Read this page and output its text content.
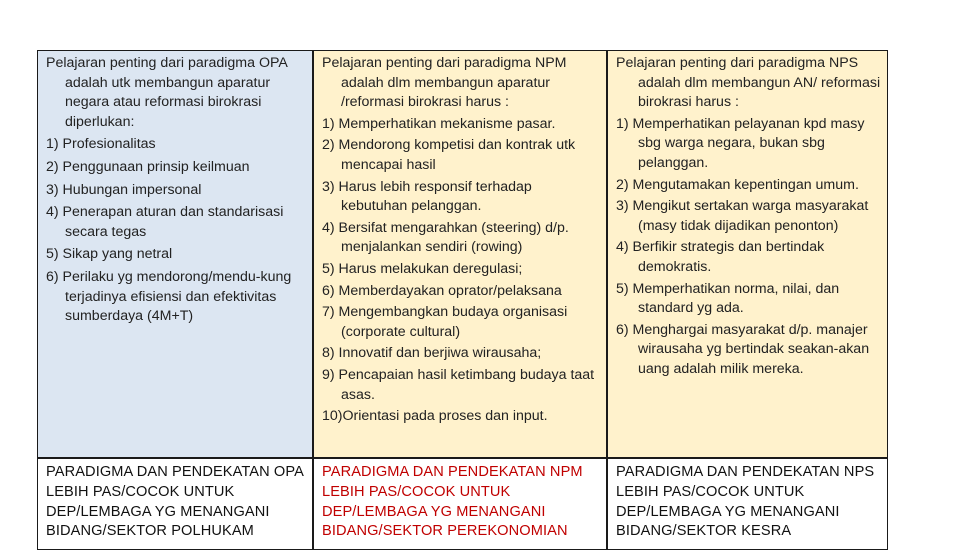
Pelajaran penting dari paradigma OPA adalah utk membangun aparatur negara atau reformasi birokrasi diperlukan:

1) Profesionalitas
2) Penggunaan prinsip keilmuan
3) Hubungan impersonal
4) Penerapan aturan dan standarisasi secara tegas
5) Sikap yang netral
6) Perilaku yg mendorong/mendu-kung terjadinya efisiensi dan efektivitas sumberdaya (4M+T)

Pelajaran penting dari paradigma NPM adalah dlm membangun aparatur /reformasi birokrasi harus :

1) Memperhatikan mekanisme pasar.
2) Mendorong kompetisi dan kontrak utk mencapai hasil
3) Harus lebih responsif terhadap kebutuhan pelanggan.
4) Bersifat mengarahkan (steering) d/p. menjalankan sendiri (rowing)
5) Harus melakukan deregulasi;
6) Memberdayakan oprator/pelaksana
7) Mengembangkan budaya organisasi (corporate cultural)
8) Innovatif dan berjiwa wirausaha;
9) Pencapaian hasil ketimbang budaya taat asas.
10)Orientasi pada proses dan input.

Pelajaran penting dari paradigma NPS adalah dlm membangun AN/ reformasi birokrasi harus :

1) Memperhatikan pelayanan kpd masy sbg warga negara, bukan sbg pelanggan.
2) Mengutamakan kepentingan umum.
3) Mengikut sertakan warga masyarakat (masy tidak dijadikan penonton)
4) Berfikir strategis dan bertindak demokratis.
5) Memperhatikan norma, nilai, dan standard yg ada.
6) Menghargai masyarakat d/p. manajer wirausaha yg bertindak seakan-akan uang adalah milik mereka.
PARADIGMA DAN PENDEKATAN OPA LEBIH PAS/COCOK UNTUK DEP/LEMBAGA YG MENANGANI BIDANG/SEKTOR POLHUKAM
PARADIGMA DAN PENDEKATAN NPM LEBIH PAS/COCOK UNTUK DEP/LEMBAGA YG MENANGANI BIDANG/SEKTOR PEREKONOMIAN
PARADIGMA DAN PENDEKATAN NPS LEBIH PAS/COCOK UNTUK DEP/LEMBAGA YG MENANGANI BIDANG/SEKTOR KESRA
